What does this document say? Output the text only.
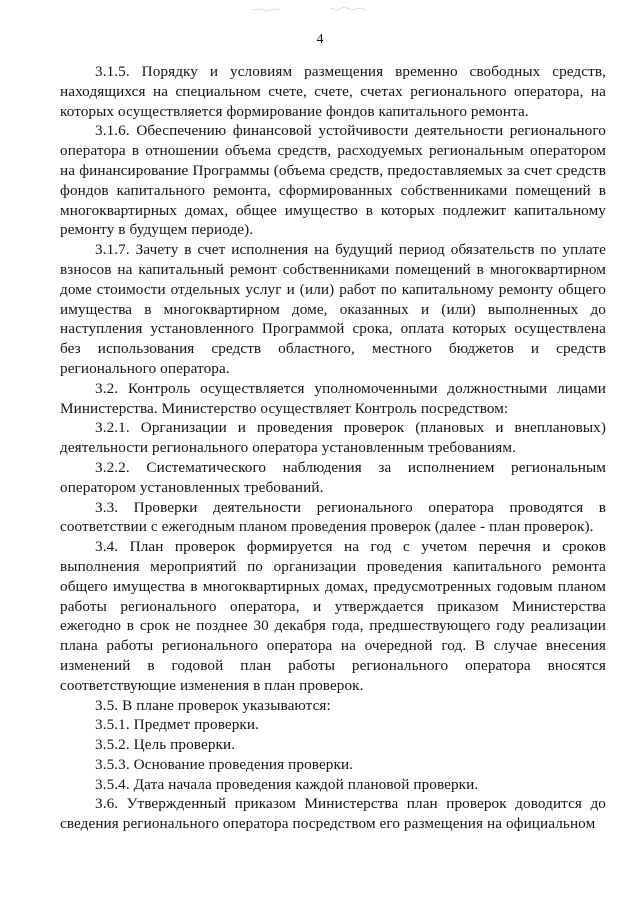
4

3.1.5. Порядку и условиям размещения временно свободных средств, находящихся на специальном счете, счете, счетах регионального оператора, на которых осуществляется формирование фондов капитального ремонта.

3.1.6. Обеспечению финансовой устойчивости деятельности регионального оператора в отношении объема средств, расходуемых региональным оператором на финансирование Программы (объема средств, предоставляемых за счет средств фондов капитального ремонта, сформированных собственниками помещений в многоквартирных домах, общее имущество в которых подлежит капитальному ремонту в будущем периоде).

3.1.7. Зачету в счет исполнения на будущий период обязательств по уплате взносов на капитальный ремонт собственниками помещений в многоквартирном доме стоимости отдельных услуг и (или) работ по капитальному ремонту общего имущества в многоквартирном доме, оказанных и (или) выполненных до наступления установленного Программой срока, оплата которых осуществлена без использования средств областного, местного бюджетов и средств регионального оператора.

3.2. Контроль осуществляется уполномоченными должностными лицами Министерства. Министерство осуществляет Контроль посредством:

3.2.1. Организации и проведения проверок (плановых и внеплановых) деятельности регионального оператора установленным требованиям.

3.2.2. Систематического наблюдения за исполнением региональным оператором установленных требований.

3.3. Проверки деятельности регионального оператора проводятся в соответствии с ежегодным планом проведения проверок (далее - план проверок).

3.4. План проверок формируется на год с учетом перечня и сроков выполнения мероприятий по организации проведения капитального ремонта общего имущества в многоквартирных домах, предусмотренных годовым планом работы регионального оператора, и утверждается приказом Министерства ежегодно в срок не позднее 30 декабря года, предшествующего году реализации плана работы регионального оператора на очередной год. В случае внесения изменений в годовой план работы регионального оператора вносятся соответствующие изменения в план проверок.

3.5. В плане проверок указываются:

3.5.1. Предмет проверки.

3.5.2. Цель проверки.

3.5.3. Основание проведения проверки.

3.5.4. Дата начала проведения каждой плановой проверки.

3.6. Утвержденный приказом Министерства план проверок доводится до сведения регионального оператора посредством его размещения на официальном
